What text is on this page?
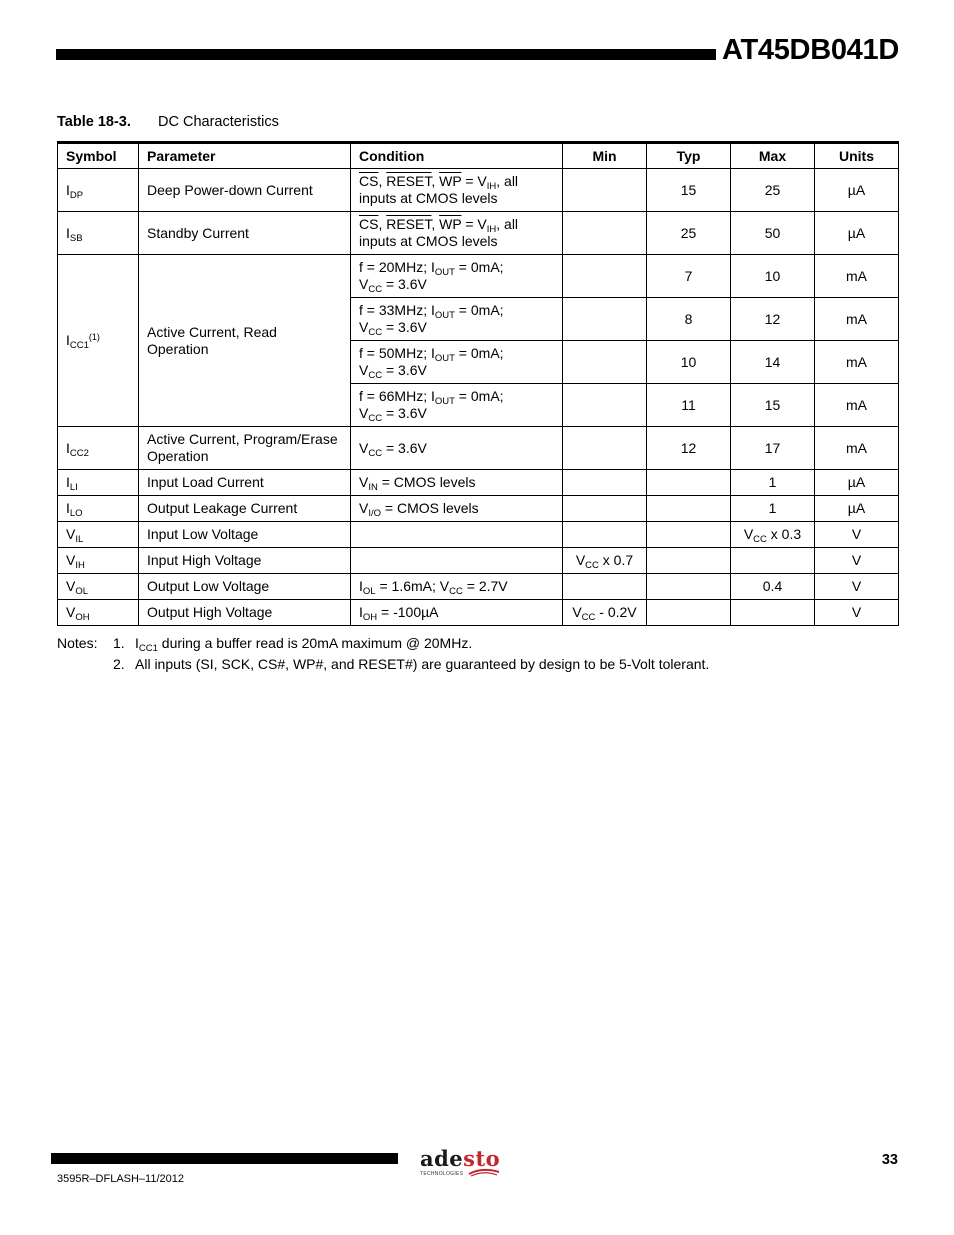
AT45DB041D
Table 18-3. DC Characteristics
Symbol	Parameter	Condition	Min	Typ	Max	Units
$I_{DP}$	Deep Power-down Current	$\overline{CS}$, RESET, $\overline{WP} = V_{IH}$, all
inputs at CMOS levels		15	25	µA
$I_{SB}$	Standby Current	$\overline{CS}$, RESET, $\overline{WP} = V_{IH}$, all
inputs at CMOS levels		25	50	µA
$I_{CC1}^{(1)}$	Active Current, Read Operation	f = 20MHz; $I_{OUT} = 0mA$;
$V_{CC} = 3.6V$		7	10	mA
		f = 33MHz; $I_{OUT} = 0mA$;
$V_{CC} = 3.6V$		8	12	mA
		f = 50MHz; $I_{OUT} = 0mA$;
$V_{CC} = 3.6V$		10	14	mA
		f = 66MHz; $I_{OUT} = 0mA$;
$V_{CC} = 3.6V$		11	15	mA
$I_{CC2}$	Active Current, Program/Erase Operation	$V_{CC} = 3.6V$		12	17	mA
$I_{LI}$	Input Load Current	$V_{IN}$ = CMOS levels			1	µA
$I_{LO}$	Output Leakage Current	$V_{I/O}$ = CMOS levels			1	µA
$V_{IL}$	Input Low Voltage				$V_{CC}$ x 0.3	V
$V_{IH}$	Input High Voltage		$V_{CC}$ x 0.7			V
$V_{OL}$	Output Low Voltage	$I_{OL} = 1.6mA$; $V_{CC} = 2.7V$			0.4	V
$V_{OH}$	Output High Voltage	$I_{OH} = -100\mu A$	$V_{CC} - 0.2V$			V
Notes: 1. $I_{CC1}$ during a buffer read is 20mA maximum @ 20MHz.
2. All inputs (SI, SCK, CS#, WP#, and RESET#) are guaranteed by design to be 5-Volt tolerant.
adesto
TECHNOLOGIES
33
3595R–DFLASH–11/2012
